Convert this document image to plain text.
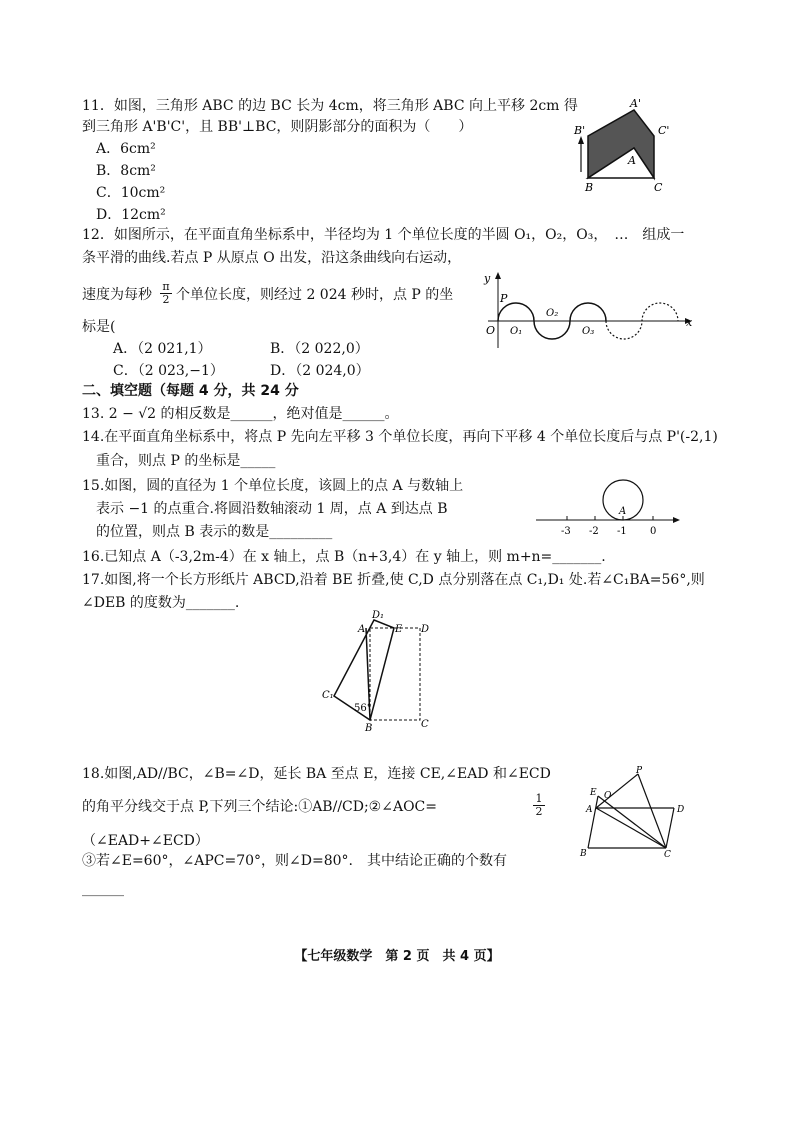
11．如图，三角形 ABC 的边 BC 长为 4cm，将三角形 ABC 向上平移 2cm 得
到三角形 A'B'C'，且 BB'⊥BC，则阴影部分的面积为（　　）
A．6cm²
B．8cm²
C．10cm²
D．12cm²
A'
B'	C'
A
B	C
12．如图所示，在平面直角坐标系中，半径均为 1 个单位长度的半圆 O₁，O₂，O₃，　…　组成一
条平滑的曲线.若点 P 从原点 O 出发，沿这条曲线向右运动，
速度为每秒
π
2 个单位长度，则经过 2 024 秒时，点 P 的坐
标是(
A．（2 021,1）	B．（2 022,0）
C．（2 023,−1）	D．（2 024,0）
y
P
O O₁
O₂
O₃
x
二、填空题（每题 4 分，共 24 分
13. 2 − √2 的相反数是______，绝对值是______。
14.在平面直角坐标系中，将点 P 先向左平移 3 个单位长度，再向下平移 4 个单位长度后与点 P'(-2,1)
重合，则点 P 的坐标是_____
15.如图，圆的直径为 1 个单位长度，该圆上的点 A 与数轴上
表示 −1 的点重合.将圆沿数轴滚动 1 周，点 A 到达点 B
的位置，则点 B 表示的数是_________
A
-3 -2 -1 0
16.已知点 A（-3,2m-4）在 x 轴上，点 B（n+3,4）在 y 轴上，则 m+n=_______.
17.如图,将一个长方形纸片 ABCD,沿着 BE 折叠,使 C,D 点分别落在点 C₁,D₁ 处.若∠C₁BA=56°,则
∠DEB 的度数为_______.
D₁
A	E D
C₁
56°
B	C
18.如图,AD//BC，∠B=∠D，延长 BA 至点 E，连接 CE,∠EAD 和∠ECD
的角平分线交于点 P,下列三个结论:①AB//CD;②∠AOC=
1
2
（∠EAD+∠ECD）
③若∠E=60°，∠APC=70°，则∠D=80°.　其中结论正确的个数有
______
P
E O
A	D
B	C
【七年级数学　第 2 页　共 4 页】
